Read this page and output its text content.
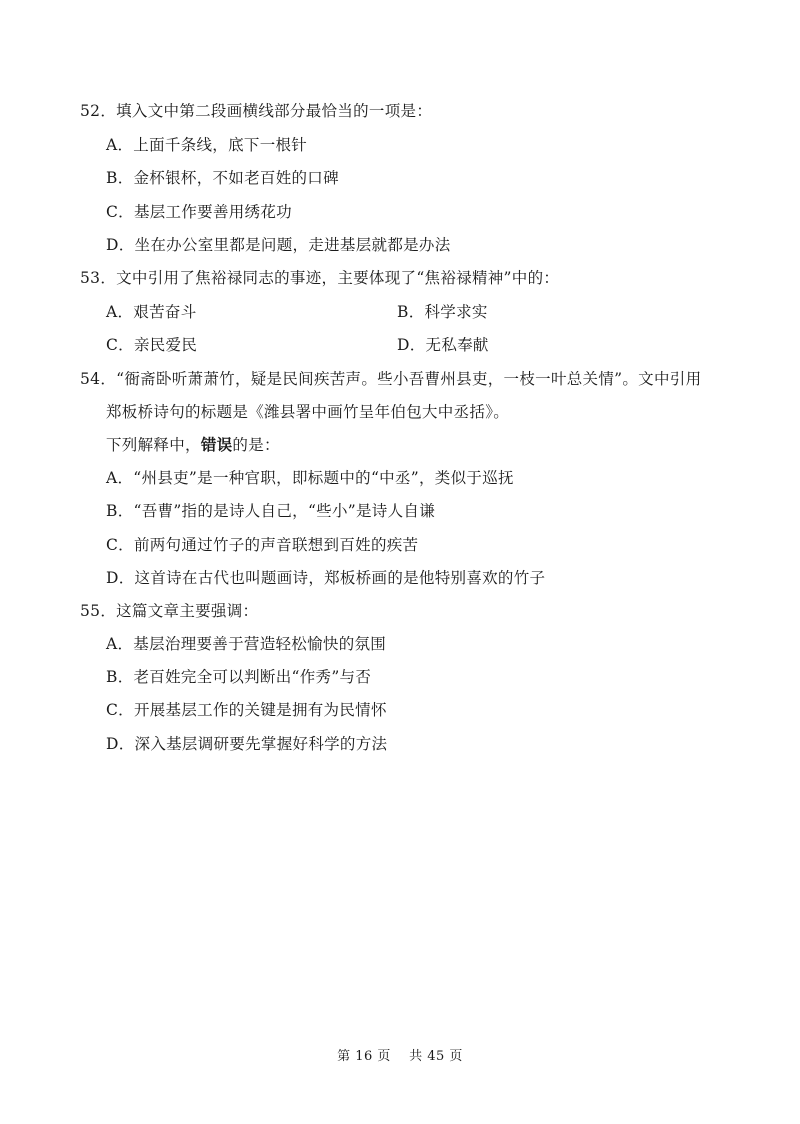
52．填入文中第二段画横线部分最恰当的一项是：
A．上面千条线，底下一根针
B．金杯银杯，不如老百姓的口碑
C．基层工作要善用绣花功
D．坐在办公室里都是问题，走进基层就都是办法
53．文中引用了焦裕禄同志的事迹，主要体现了“焦裕禄精神”中的：
A．艰苦奋斗	B．科学求实
C．亲民爱民	D．无私奉献
54．“衙斋卧听萧萧竹，疑是民间疾苦声。些小吾曹州县吏，一枝一叶总关情”。文中引用
郑板桥诗句的标题是《潍县署中画竹呈年伯包大中丞括》。
下列解释中，错误的是：
A．“州县吏”是一种官职，即标题中的“中丞”，类似于巡抚
B．“吾曹”指的是诗人自己，“些小”是诗人自谦
C．前两句通过竹子的声音联想到百姓的疾苦
D．这首诗在古代也叫题画诗，郑板桥画的是他特别喜欢的竹子
55．这篇文章主要强调：
A．基层治理要善于营造轻松愉快的氛围
B．老百姓完全可以判断出“作秀”与否
C．开展基层工作的关键是拥有为民情怀
D．深入基层调研要先掌握好科学的方法
第 16 页　 共 45 页
